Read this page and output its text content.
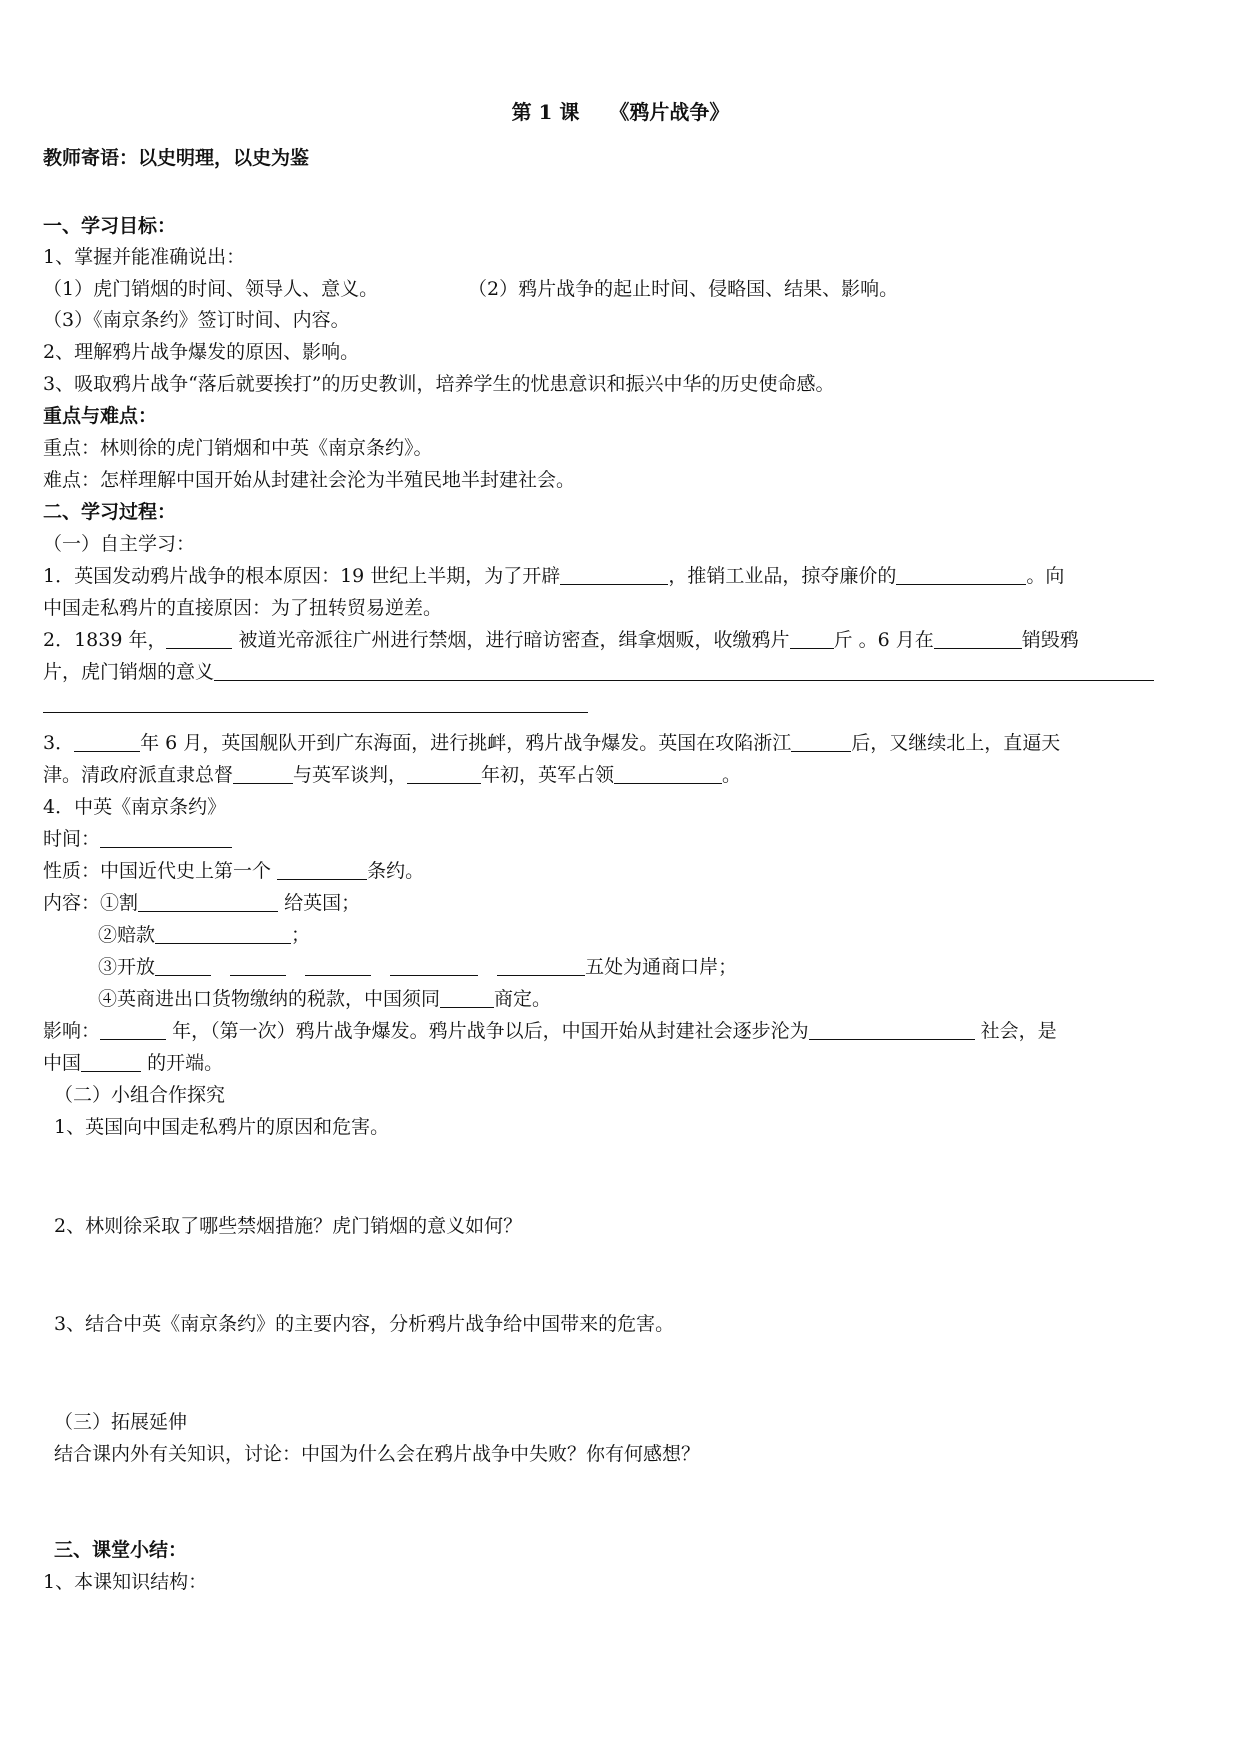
第 1 课　　《鸦片战争》
教师寄语：以史明理，以史为鉴
一、学习目标：
1、掌握并能准确说出：
（1）虎门销烟的时间、领导人、意义。	（2）鸦片战争的起止时间、侵略国、结果、影响。
（3）《南京条约》签订时间、内容。
2、理解鸦片战争爆发的原因、影响。
3、吸取鸦片战争“落后就要挨打”的历史教训，培养学生的忧患意识和振兴中华的历史使命感。
重点与难点：
重点：林则徐的虎门销烟和中英《南京条约》。
难点：怎样理解中国开始从封建社会沦为半殖民地半封建社会。
二、学习过程：
（一）自主学习：
1．英国发动鸦片战争的根本原因：19 世纪上半期，为了开辟	，推销工业品，掠夺廉价的	。向
中国走私鸦片的直接原因：为了扭转贸易逆差。
2．1839 年，	被道光帝派往广州进行禁烟，进行暗访密查，缉拿烟贩，收缴鸦片 斤 。6 月在	销毁鸦
片，虎门销烟的意义
3．	年 6 月，英国舰队开到广东海面，进行挑衅，鸦片战争爆发。英国在攻陷浙江	后，又继续北上，直逼天
津。清政府派直隶总督	与英军谈判，	年初，英军占领	。
4．中英《南京条约》
时间：
性质：中国近代史上第一个	条约。
内容：①割	给英国；
②赔款	；
③开放　　　　	五处为通商口岸；
④英商进出口货物缴纳的税款，中国须同	商定。
影响：	年，（第一次）鸦片战争爆发。鸦片战争以后，中国开始从封建社会逐步沦为	社会，是
中国	的开端。
（二）小组合作探究
1、英国向中国走私鸦片的原因和危害。
2、林则徐采取了哪些禁烟措施？虎门销烟的意义如何？
3、结合中英《南京条约》的主要内容，分析鸦片战争给中国带来的危害。
（三）拓展延伸
结合课内外有关知识，讨论：中国为什么会在鸦片战争中失败？你有何感想？
三、课堂小结：
1、本课知识结构：
